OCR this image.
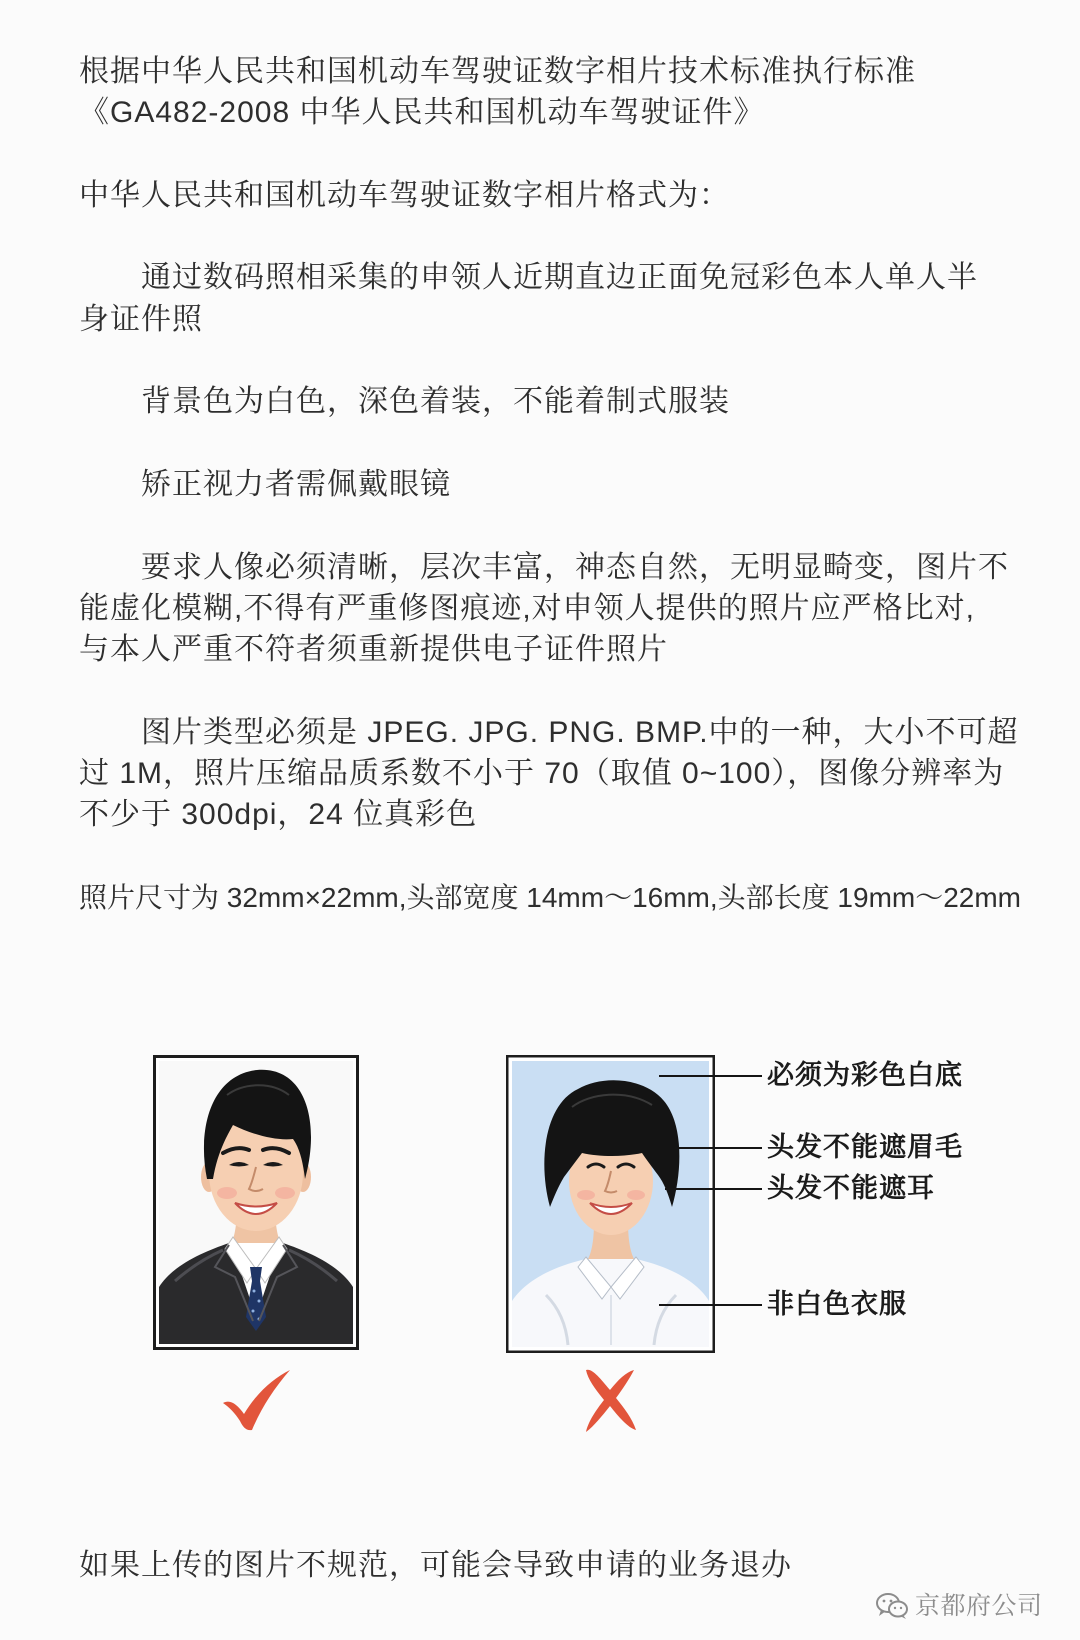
根据中华人民共和国机动车驾驶证数字相片技术标准执行标准
《GA482-2008 中华人民共和国机动车驾驶证件》
中华人民共和国机动车驾驶证数字相片格式为：
通过数码照相采集的申领人近期直边正面免冠彩色本人单人半
身证件照
背景色为白色，深色着装，不能着制式服装
矫正视力者需佩戴眼镜
要求人像必须清晰，层次丰富，神态自然，无明显畸变，图片不
能虚化模糊,不得有严重修图痕迹,对申领人提供的照片应严格比对,
与本人严重不符者须重新提供电子证件照片
图片类型必须是 JPEG. JPG. PNG. BMP.中的一种，大小不可超
过 1M，照片压缩品质系数不小于 70（取值 0~100），图像分辨率为
不少于 300dpi，24 位真彩色
照片尺寸为 32mm×22mm,头部宽度 14mm～16mm,头部长度 19mm～22mm
必须为彩色白底
头发不能遮眉毛
头发不能遮耳
非白色衣服
如果上传的图片不规范，可能会导致申请的业务退办
京都府公司
